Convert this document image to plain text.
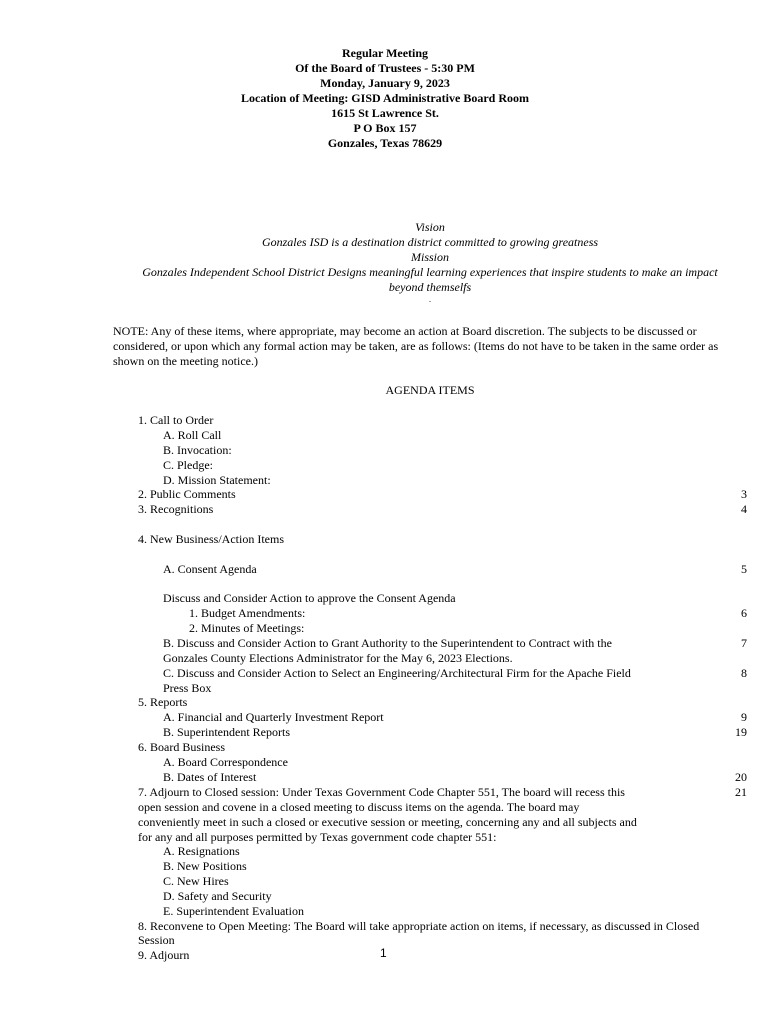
Regular Meeting
Of the Board of Trustees - 5:30 PM
Monday, January 9, 2023
Location of Meeting: GISD Administrative Board Room
1615 St Lawrence St.
P O Box 157
Gonzales, Texas 78629
Vision
Gonzales ISD is a destination district committed to growing greatness
Mission
Gonzales Independent School District Designs meaningful learning experiences that inspire students to make an impact
beyond themselfs
.
NOTE: Any of these items, where appropriate, may become an action at Board discretion. The subjects to be discussed or considered, or upon which any formal action may be taken, are as follows: (Items do not have to be taken in the same order as shown on the meeting notice.)
AGENDA ITEMS
1. Call to Order
A. Roll Call
B. Invocation:
C. Pledge:
D. Mission Statement:
2. Public Comments	3
3. Recognitions	4
4. New Business/Action Items
A. Consent Agenda	5
Discuss and Consider Action to approve the Consent Agenda
1. Budget Amendments:	6
2. Minutes of Meetings:
B. Discuss and Consider Action to Grant Authority to the Superintendent to Contract with the	7
Gonzales County Elections Administrator for the May 6, 2023 Elections.
C. Discuss and Consider Action to Select an Engineering/Architectural Firm for the Apache Field	8
Press Box
5. Reports
A. Financial and Quarterly Investment Report	9
B. Superintendent Reports	19
6. Board Business
A. Board Correspondence
B. Dates of Interest	20
7. Adjourn to Closed session: Under Texas Government Code Chapter 551, The board will recess this	21
open session and covene in a closed meeting to discuss items on the agenda. The board may
conveniently meet in such a closed or executive session or meeting, concerning any and all subjects and
for any and all purposes permitted by Texas government code chapter 551:
A. Resignations
B. New Positions
C. New Hires
D. Safety and Security
E. Superintendent Evaluation
8. Reconvene to Open Meeting: The Board will take appropriate action on items, if necessary, as discussed in Closed
Session
9. Adjourn	1
